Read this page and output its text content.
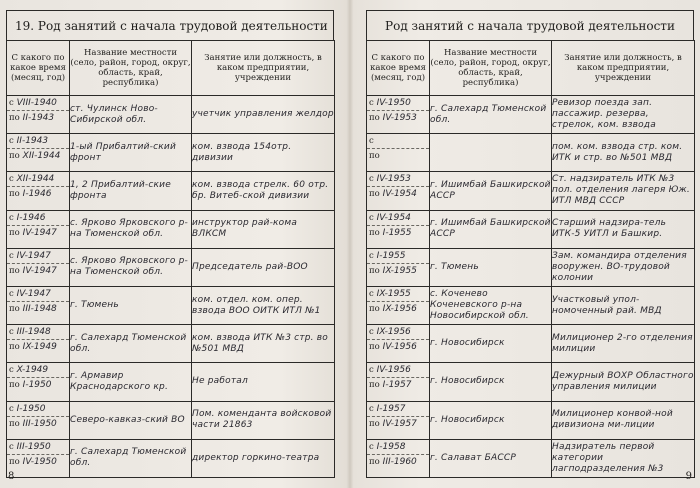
19. Род занятий с начала трудовой деятельности
С какого по какое время (месяц, год)	Название местности (село, район, город, округ, область, край, республика)	Занятие или должность, в каком предприятии, учреждении

с VIII-1940
по II-1943	ст. Чулинск Ново-Сибирской обл.	учетчик управления желдор

с II-1943
по XII-1944	1-ый Прибалтий-ский фронт	ком. взвода 154отр. дивизии

с XII-1944
по I-1946	1, 2 Прибалтий-ские фронта	ком. взвода стрелк. 60 отр. бр. Витеб-ской дивизии

с I-1946
по IV-1947	с. Ярково Ярковского р-на Тюменской обл.	инструктор рай-кома ВЛКСМ

с IV-1947
по IV-1947	с. Ярково Ярковского р-на Тюменской обл.	Председатель рай-ВОО

с IV-1947
по III-1948	г. Тюмень	ком. отдел. ком. опер. взвода ВОО ОИТК ИТЛ №1

с III-1948
по IX-1949	г. Салехард Тюменской обл.	ком. взвода ИТК №3 стр. во №501 МВД

с X-1949
по I-1950	г. Армавир Краснодарского кр.	Не работал

с I-1950
по III-1950	Северо-кавказ-ский ВО	Пом. коменданта войсковой части 21863

с III-1950
по IV-1950	г. Салехард Тюменской обл.	директор горкино-театра
8
Род занятий с начала трудовой деятельности
С какого по какое время (месяц, год)	Название местности (село, район, город, округ, область, край, республика)	Занятие или должность, в каком предприятии, учреждении

с IV-1950
по IV-1953	г. Салехард Тюменской обл.	Ревизор поезда зап. пассажир. резерва, стрелок, ком. взвода

с
по		пом. ком. взвода стр. ком. ИТК и стр. во №501 МВД

с IV-1953
по IV-1954	г. Ишимбай Башкирской АССР	Ст. надзиратель ИТК №3 пол. отделения лагеря Юж. ИТЛ МВД СССР

с IV-1954
по I-1955	г. Ишимбай Башкирской АССР	Старший надзира-тель ИТК-5 УИТЛ и Башкир.

с I-1955
по IX-1955	г. Тюмень	Зам. командира отделения вооружен. ВО-трудовой колонии

с IX-1955
по IX-1956	с. Коченево Коченевского р-на Новосибирской обл.	Участковый упол-номоченный рай. МВД

с IX-1956
по IV-1956	г. Новосибирск	Милиционер 2-го отделения милиции

с IV-1956
по I-1957	г. Новосибирск	Дежурный ВОХР Областного управления милиции

с I-1957
по IV-1957	г. Новосибирск	Милиционер конвой-ной дивизиона ми-лиции

с I-1958
по III-1960	г. Салават БАССР	Надзиратель первой категории лагподразделения №3
9
